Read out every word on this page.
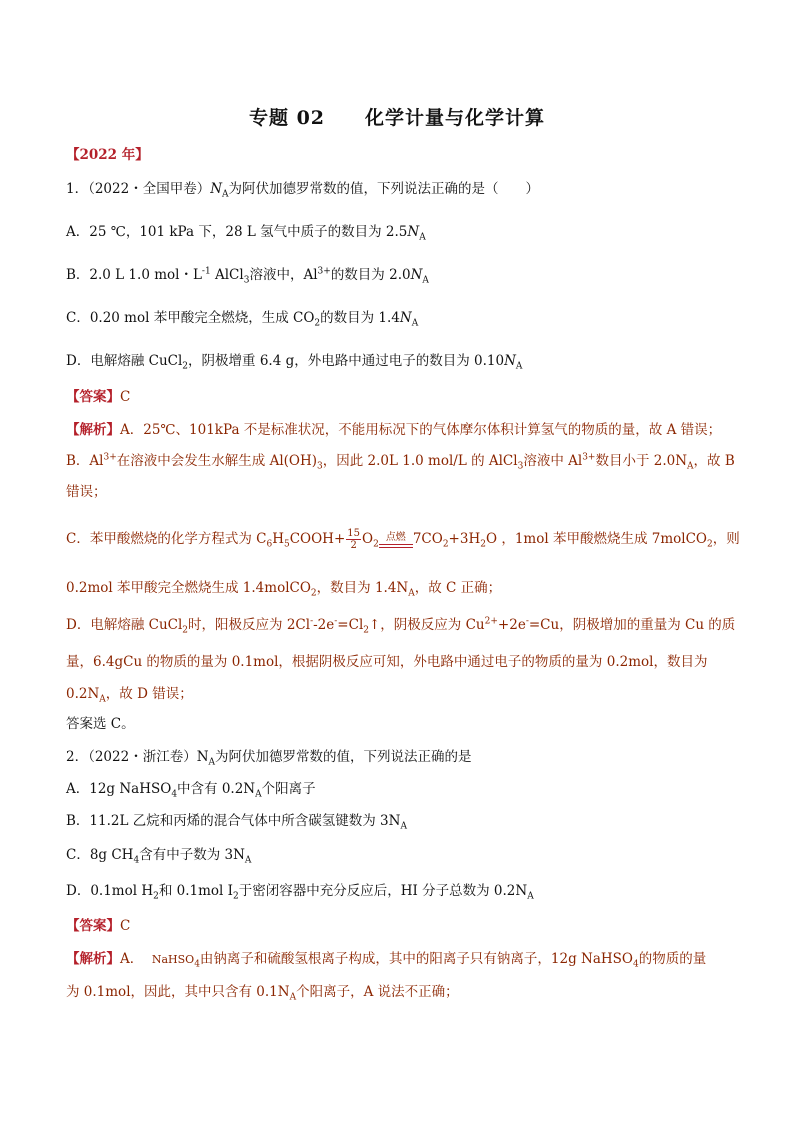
专题 02 化学计量与化学计算
【2022 年】
1．（2022・全国甲卷）$N_A$为阿伏加德罗常数的值，下列说法正确的是（　　）
A．25 ℃，101 kPa 下，28 L 氢气中质子的数目为 $2.5N_A$
B．2.0 L 1.0 mol・$L^{-1}$ AlCl$_3$溶液中，$Al^{3+}$的数目为 $2.0N_A$
C．0.20 mol 苯甲酸完全燃烧，生成 $CO_2$的数目为 $1.4N_A$
D．电解熔融 CuCl$_2$，阴极增重 6.4 g，外电路中通过电子的数目为 $0.10N_A$
【答案】C
【解析】A．25℃、101kPa 不是标准状况，不能用标况下的气体摩尔体积计算氢气的物质的量，故 A 错误；
B．$Al^{3+}$在溶液中会发生水解生成 $Al(OH)_3$，因此 2.0L 1.0 mol/L 的 AlCl$_3$溶液中 $Al^{3+}$数目小于 $2.0N_A$，故 B
错误；
C．苯甲酸燃烧的化学方程式为 $C_6H_5COOH+ \frac{15}{2} O_2$
点燃 $7CO_2+3H_2O$ ，1mol 苯甲酸燃烧生成 7molCO$_2$，则
0.2mol 苯甲酸完全燃烧生成 1.4molCO$_2$，数目为 $1.4N_A$，故 C 正确；
D．电解熔融 CuCl$_2$时，阳极反应为 $2Cl^--2e^-=Cl_2↑$，阴极反应为 $Cu^{2+}+2e^-=Cu$，阴极增加的重量为 Cu 的质
量，6.4gCu 的物质的量为 0.1mol，根据阴极反应可知，外电路中通过电子的物质的量为 0.2mol，数目为
$0.2N_A$，故 D 错误；
答案选 C。
2．（2022・浙江卷）$N_A$为阿伏加德罗常数的值，下列说法正确的是
A．12g NaHSO$_4$中含有 $0.2N_A$个阳离子
B．11.2L 乙烷和丙烯的混合气体中所含碳氢键数为 $3N_A$
C．8g $CH_4$含有中子数为 $3N_A$
D．0.1mol $H_2$和 0.1mol $I_2$于密闭容器中充分反应后，HI 分子总数为 $0.2N_A$
【答案】C
【解析】A． NaHSO$_4$由钠离子和硫酸氢根离子构成，其中的阳离子只有钠离子，12g NaHSO$_4$的物质的量
为 0.1mol，因此，其中只含有 $0.1N_A$个阳离子，A 说法不正确；
